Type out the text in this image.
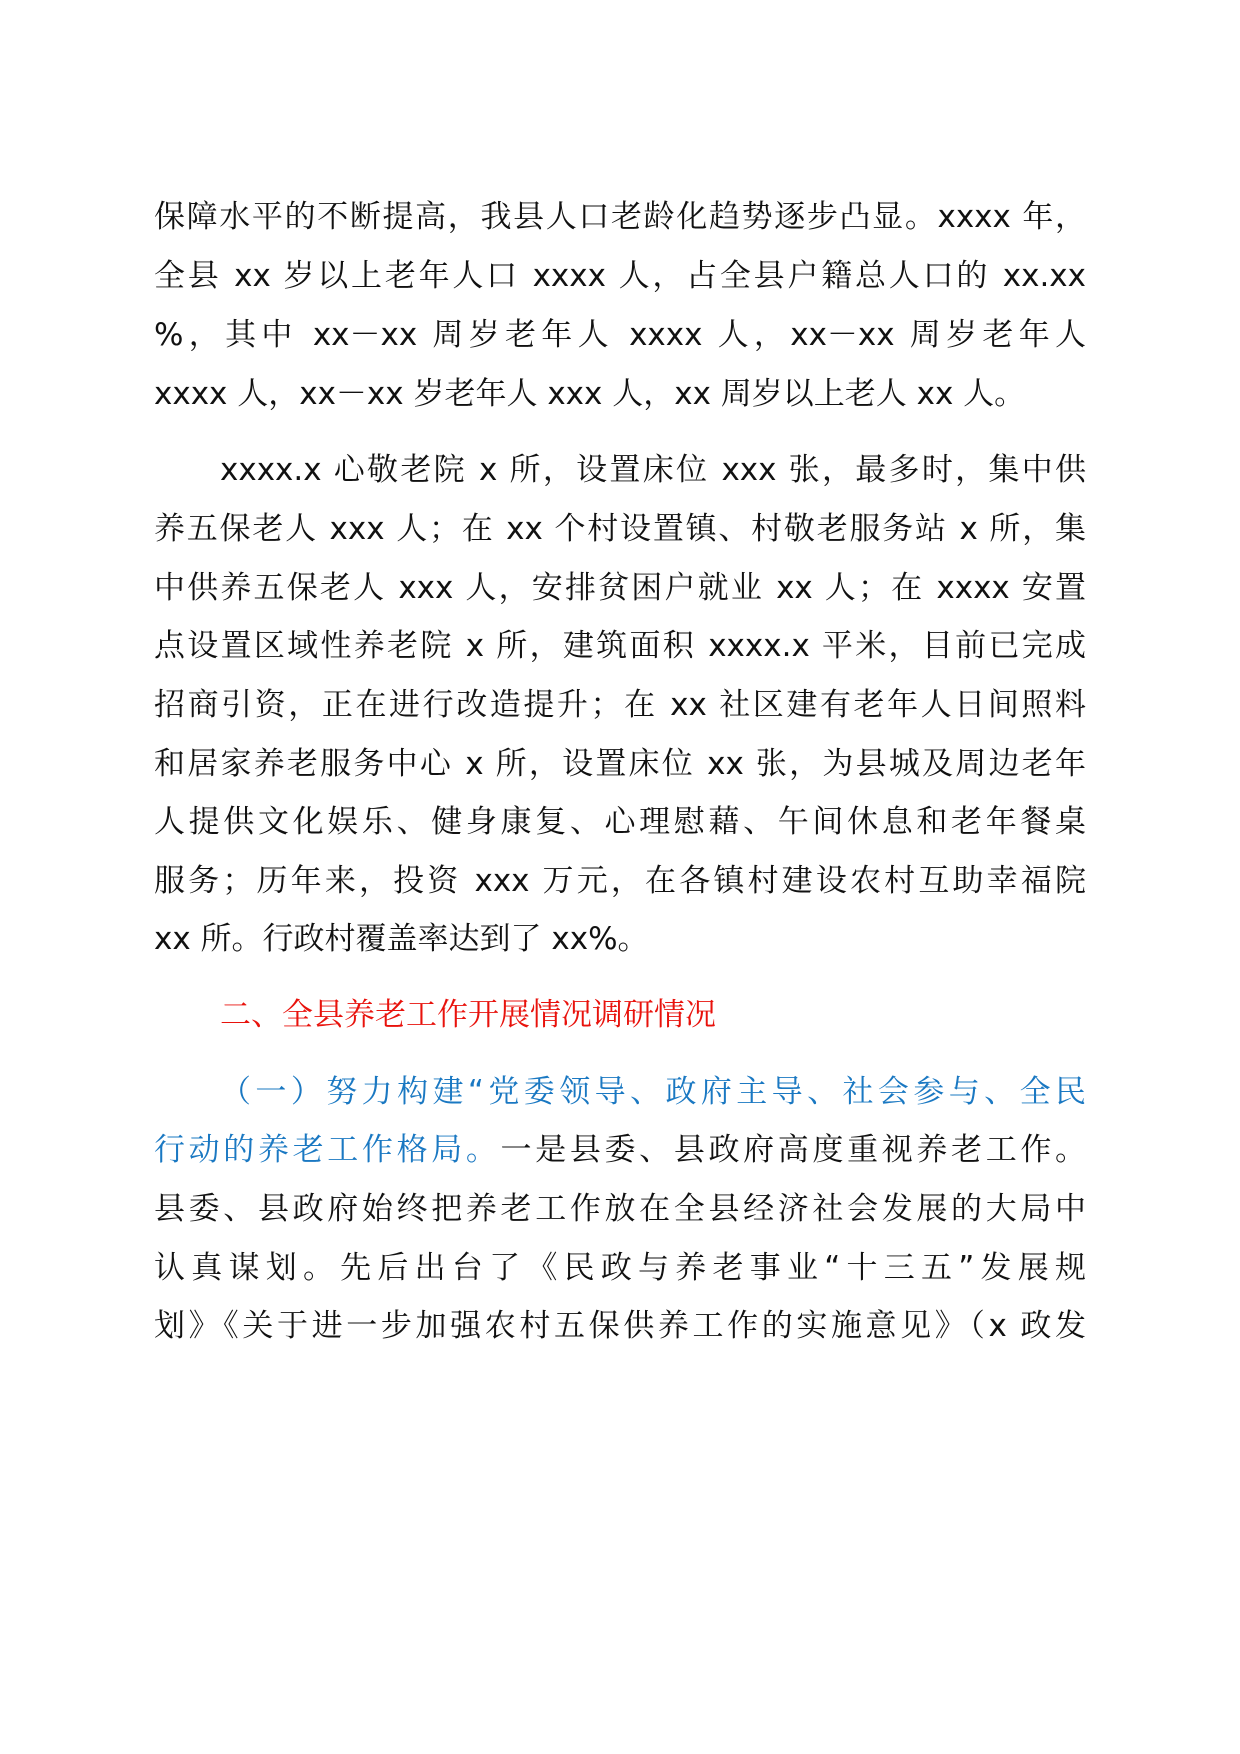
保障水平的不断提高，我县人口老龄化趋势逐步凸显。xxxx 年，

全县 xx 岁以上老年人口 xxxx 人，占全县户籍总人口的 xx.xx

%，其中 xx－xx 周岁老年人 xxxx 人，xx－xx 周岁老年人

xxxx 人，xx－xx 岁老年人 xxx 人，xx 周岁以上老人 xx 人。

xxxx.x 心敬老院 x 所，设置床位 xxx 张，最多时，集中供

养五保老人 xxx 人；在 xx 个村设置镇、村敬老服务站 x 所，集

中供养五保老人 xxx 人，安排贫困户就业 xx 人；在 xxxx 安置

点设置区域性养老院 x 所，建筑面积 xxxx.x 平米，目前已完成

招商引资，正在进行改造提升；在 xx 社区建有老年人日间照料

和居家养老服务中心 x 所，设置床位 xx 张，为县城及周边老年

人提供文化娱乐、健身康复、心理慰藉、午间休息和老年餐桌

服务；历年来，投资 xxx 万元，在各镇村建设农村互助幸福院

xx 所。行政村覆盖率达到了 xx%。

二、全县养老工作开展情况调研情况

（一）努力构建“党委领导、政府主导、社会参与、全民

行动的养老工作格局。一是县委、县政府高度重视养老工作。

县委、县政府始终把养老工作放在全县经济社会发展的大局中

认真谋划。先后出台了《民政与养老事业“十三五”发展规

划》《关于进一步加强农村五保供养工作的实施意见》（x 政发
